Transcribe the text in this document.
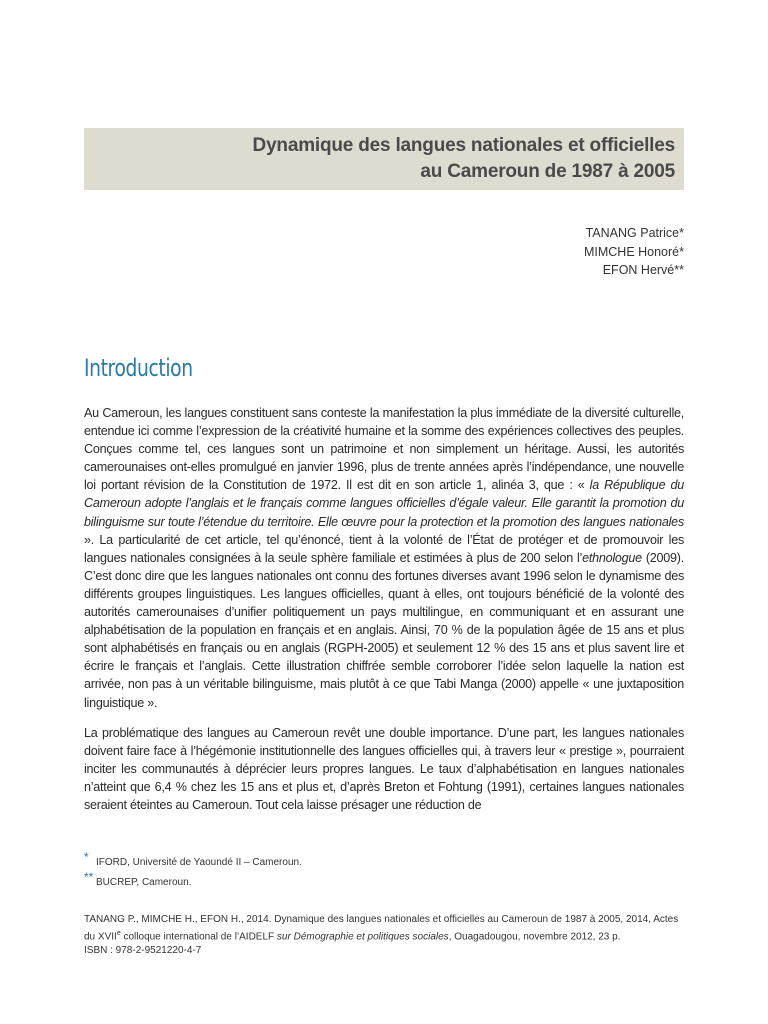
Dynamique des langues nationales et officielles
au Cameroun de 1987 à 2005
TANANG Patrice*
MIMCHE Honoré*
EFON Hervé**
Introduction

Au Cameroun, les langues constituent sans conteste la manifestation la plus immédiate de la diversité culturelle, entendue ici comme l’expression de la créativité humaine et la somme des expériences collectives des peuples. Conçues comme tel, ces langues sont un patrimoine et non simplement un héritage. Aussi, les autorités camerounaises ont-elles promulgué en janvier 1996, plus de trente années après l’indépendance, une nouvelle loi portant révision de la Constitution de 1972. Il est dit en son article 1, alinéa 3, que : « la République du Cameroun adopte l’anglais et le français comme langues officielles d’égale valeur. Elle garantit la promotion du bilinguisme sur toute l’étendue du territoire. Elle œuvre pour la protection et la promotion des langues nationales ». La particularité de cet article, tel qu’énoncé, tient à la volonté de l’État de protéger et de promouvoir les langues nationales consignées à la seule sphère familiale et estimées à plus de 200 selon l’ethnologue (2009). C’est donc dire que les langues nationales ont connu des fortunes diverses avant 1996 selon le dynamisme des différents groupes linguistiques. Les langues officielles, quant à elles, ont toujours bénéficié de la volonté des autorités camerounaises d’unifier politiquement un pays multilingue, en communiquant et en assurant une alphabétisation de la population en français et en anglais. Ainsi, 70 % de la population âgée de 15 ans et plus sont alphabétisés en français ou en anglais (RGPH-2005) et seulement 12 % des 15 ans et plus savent lire et écrire le français et l’anglais. Cette illustration chiffrée semble corroborer l’idée selon laquelle la nation est arrivée, non pas à un véritable bilinguisme, mais plutôt à ce que Tabi Manga (2000) appelle « une juxtaposition linguistique ».

La problématique des langues au Cameroun revêt une double importance. D’une part, les langues nationales doivent faire face à l’hégémonie institutionnelle des langues officielles qui, à travers leur « prestige », pourraient inciter les communautés à déprécier leurs propres langues. Le taux d’alphabétisation en langues nationales n’atteint que 6,4 % chez les 15 ans et plus et, d’après Breton et Fohtung (1991), certaines langues nationales seraient éteintes au Cameroun. Tout cela laisse présager une réduction de

* IFORD, Université de Yaoundé II – Cameroun.
** BUCREP, Cameroun.
TANANG P., MIMCHE H., EFON H., 2014. Dynamique des langues nationales et officielles au Cameroun de 1987 à 2005, 2014, Actes du XVIIe colloque international de l’AIDELF sur Démographie et politiques sociales, Ouagadougou, novembre 2012, 23 p.
ISBN : 978-2-9521220-4-7
